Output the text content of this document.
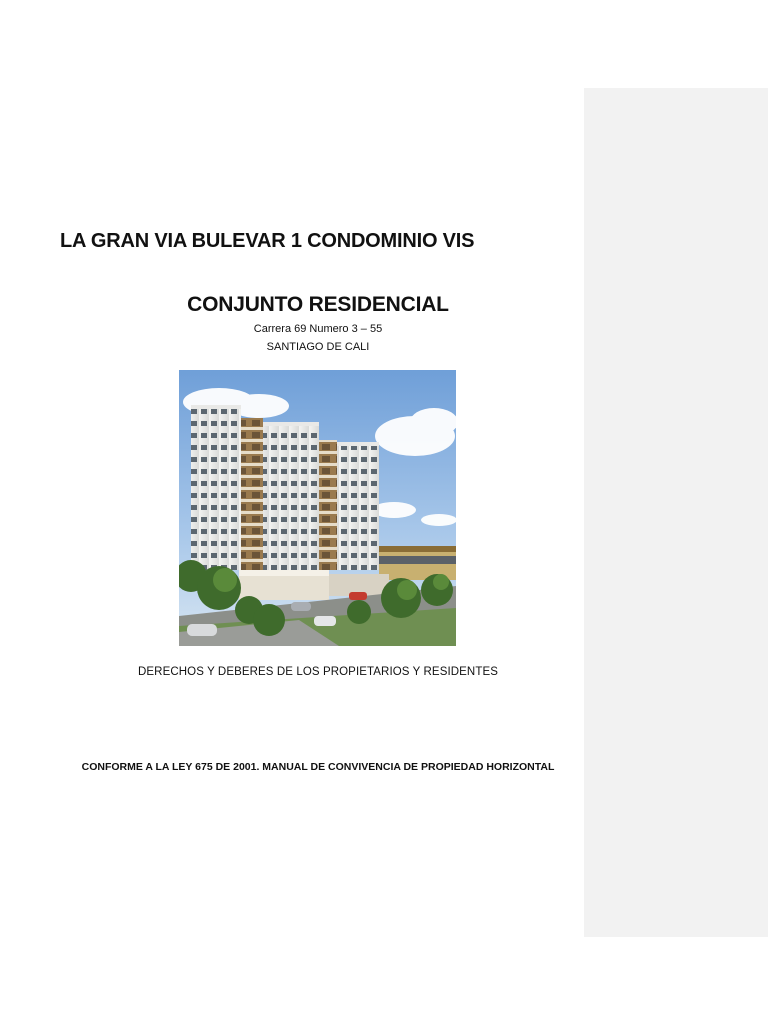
LA GRAN VIA BULEVAR 1 CONDOMINIO VIS
CONJUNTO RESIDENCIAL
Carrera 69 Numero 3 – 55
SANTIAGO DE CALI
DERECHOS Y DEBERES DE LOS PROPIETARIOS Y RESIDENTES
CONFORME A LA LEY 675 DE 2001. MANUAL DE CONVIVENCIA DE PROPIEDAD HORIZONTAL
